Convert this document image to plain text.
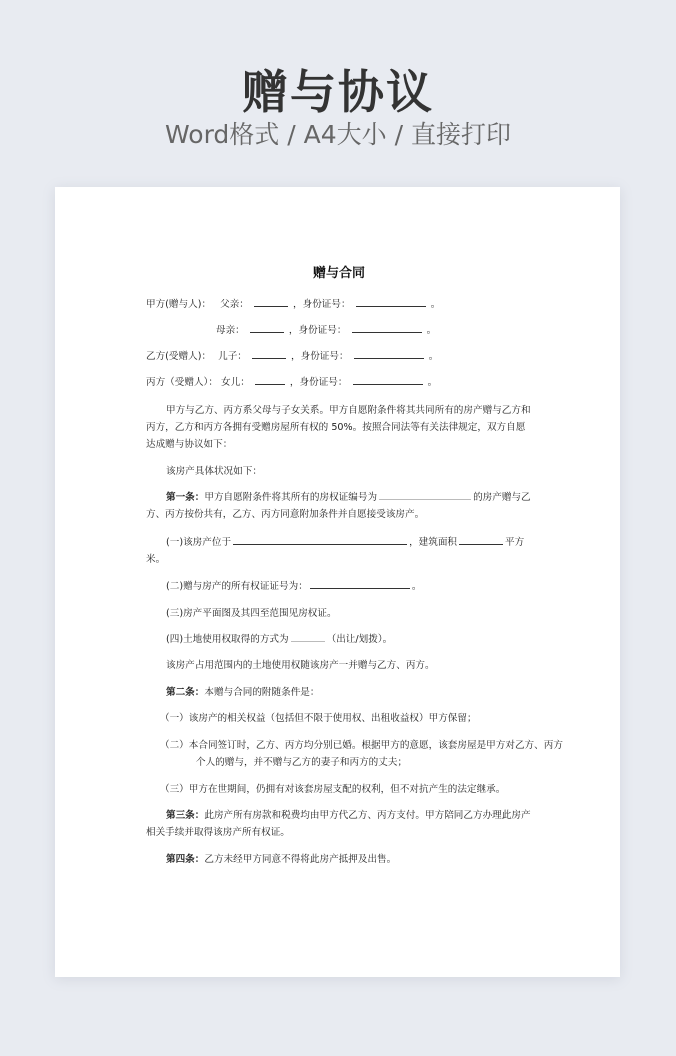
赠与协议
Word格式 / A4大小 / 直接打印
赠与合同
甲方(赠与人)： 父亲：	，身份证号：	。
母亲：	，身份证号：	。
乙方(受赠人)： 儿子：	，身份证号：	。
丙方（受赠人）： 女儿：	，身份证号：	。
甲方与乙方、丙方系父母与子女关系。甲方自愿附条件将其共同所有的房产赠与乙方和丙方，乙方和丙方各拥有受赠房屋所有权的 50%。按照合同法等有关法律规定，双方自愿达成赠与协议如下：
该房产具体状况如下：
第一条：甲方自愿附条件将其所有的房权证编号为	的房产赠与乙方、丙方按份共有，乙方、丙方同意附加条件并自愿接受该房产。
(一)该房产位于	，建筑面积	平方米。
(二)赠与房产的所有权证证号为：	。
(三)房产平面图及其四至范围见房权证。
(四)土地使用权取得的方式为	（出让/划拨）。
该房产占用范围内的土地使用权随该房产一并赠与乙方、丙方。
第二条：本赠与合同的附随条件是：
（一）该房产的相关权益（包括但不限于使用权、出租收益权）甲方保留；
（二）本合同签订时，乙方、丙方均分别已婚。根据甲方的意愿，该套房屋是甲方对乙方、丙方个人的赠与，并不赠与乙方的妻子和丙方的丈夫；
（三）甲方在世期间，仍拥有对该套房屋支配的权利，但不对抗产生的法定继承。
第三条：此房产所有房款和税费均由甲方代乙方、丙方支付。甲方陪同乙方办理此房产相关手续并取得该房产所有权证。
第四条：乙方未经甲方同意不得将此房产抵押及出售。
